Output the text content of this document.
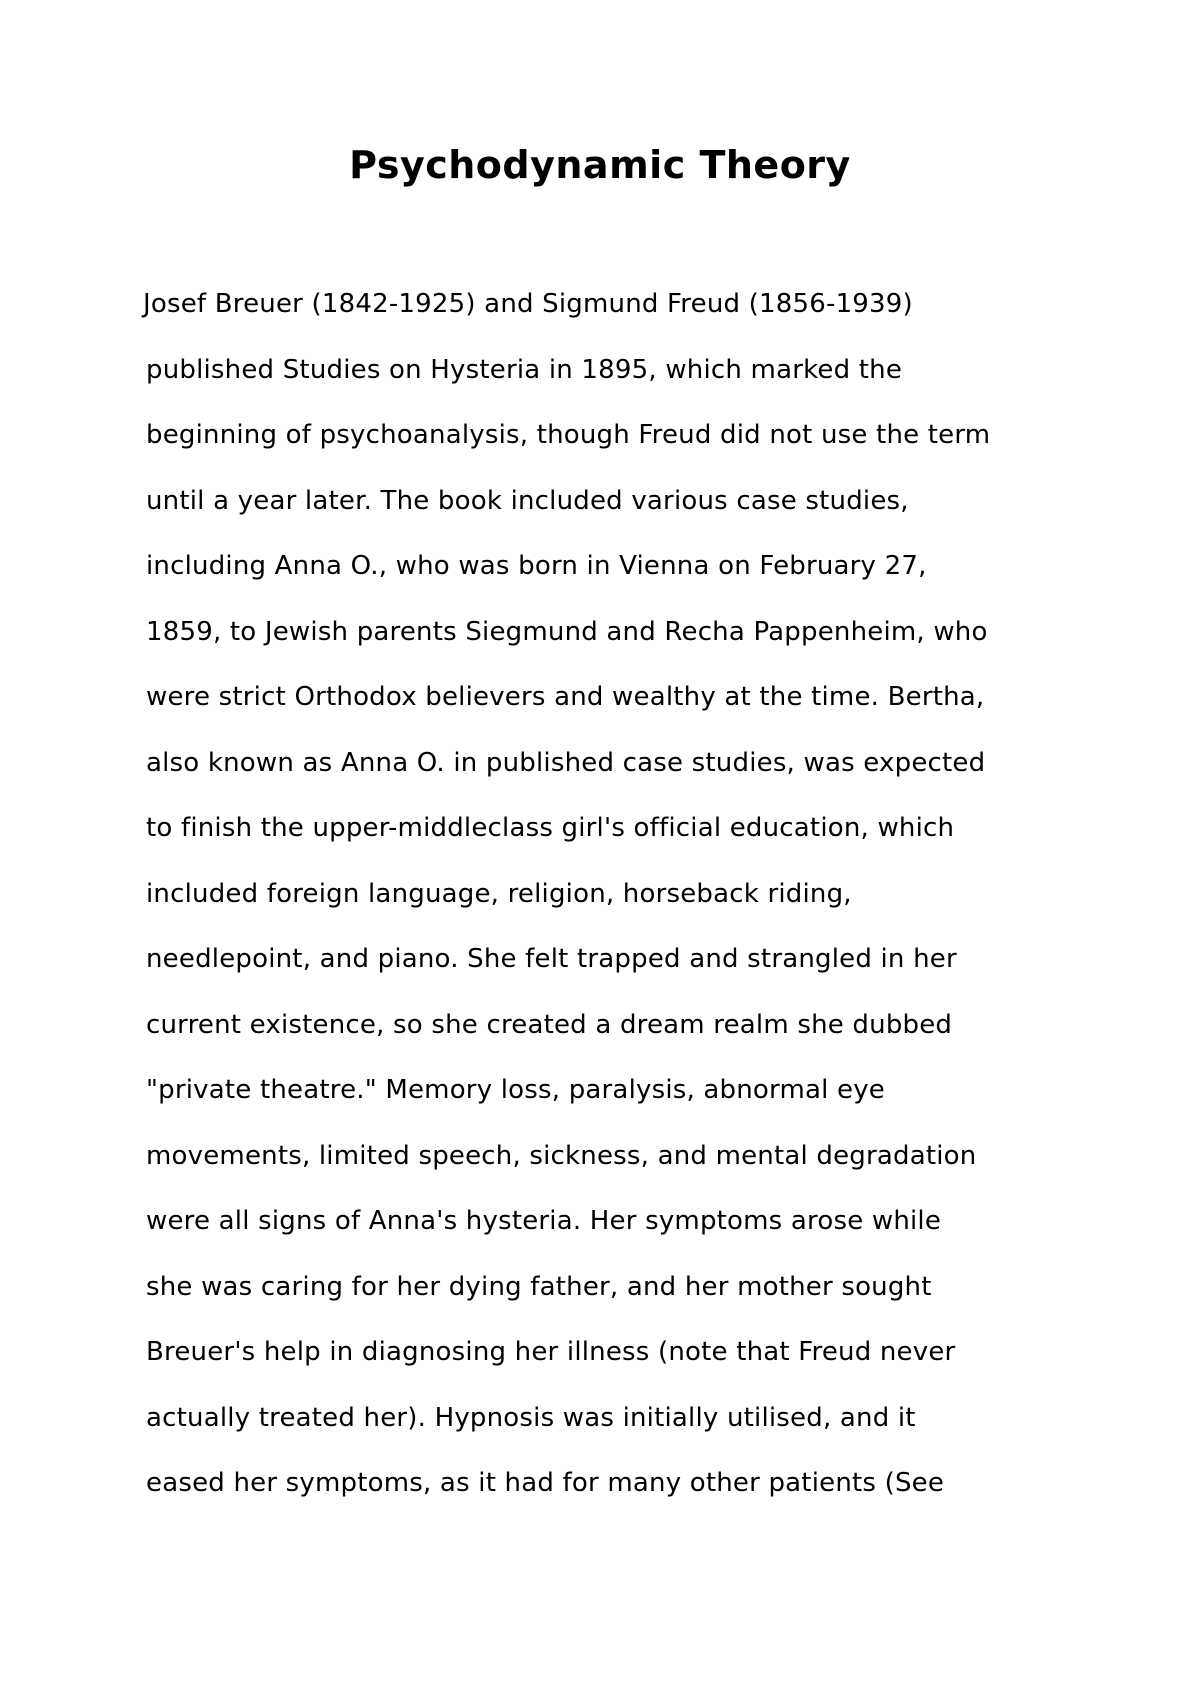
Psychodynamic Theory
Josef Breuer (1842-1925) and Sigmund Freud (1856-1939)
published Studies on Hysteria in 1895, which marked the
beginning of psychoanalysis, though Freud did not use the term
until a year later. The book included various case studies,
including Anna O., who was born in Vienna on February 27,
1859, to Jewish parents Siegmund and Recha Pappenheim, who
were strict Orthodox believers and wealthy at the time. Bertha,
also known as Anna O. in published case studies, was expected
to finish the upper-middleclass girl's official education, which
included foreign language, religion, horseback riding,
needlepoint, and piano. She felt trapped and strangled in her
current existence, so she created a dream realm she dubbed
"private theatre." Memory loss, paralysis, abnormal eye
movements, limited speech, sickness, and mental degradation
were all signs of Anna's hysteria. Her symptoms arose while
she was caring for her dying father, and her mother sought
Breuer's help in diagnosing her illness (note that Freud never
actually treated her). Hypnosis was initially utilised, and it
eased her symptoms, as it had for many other patients (See
